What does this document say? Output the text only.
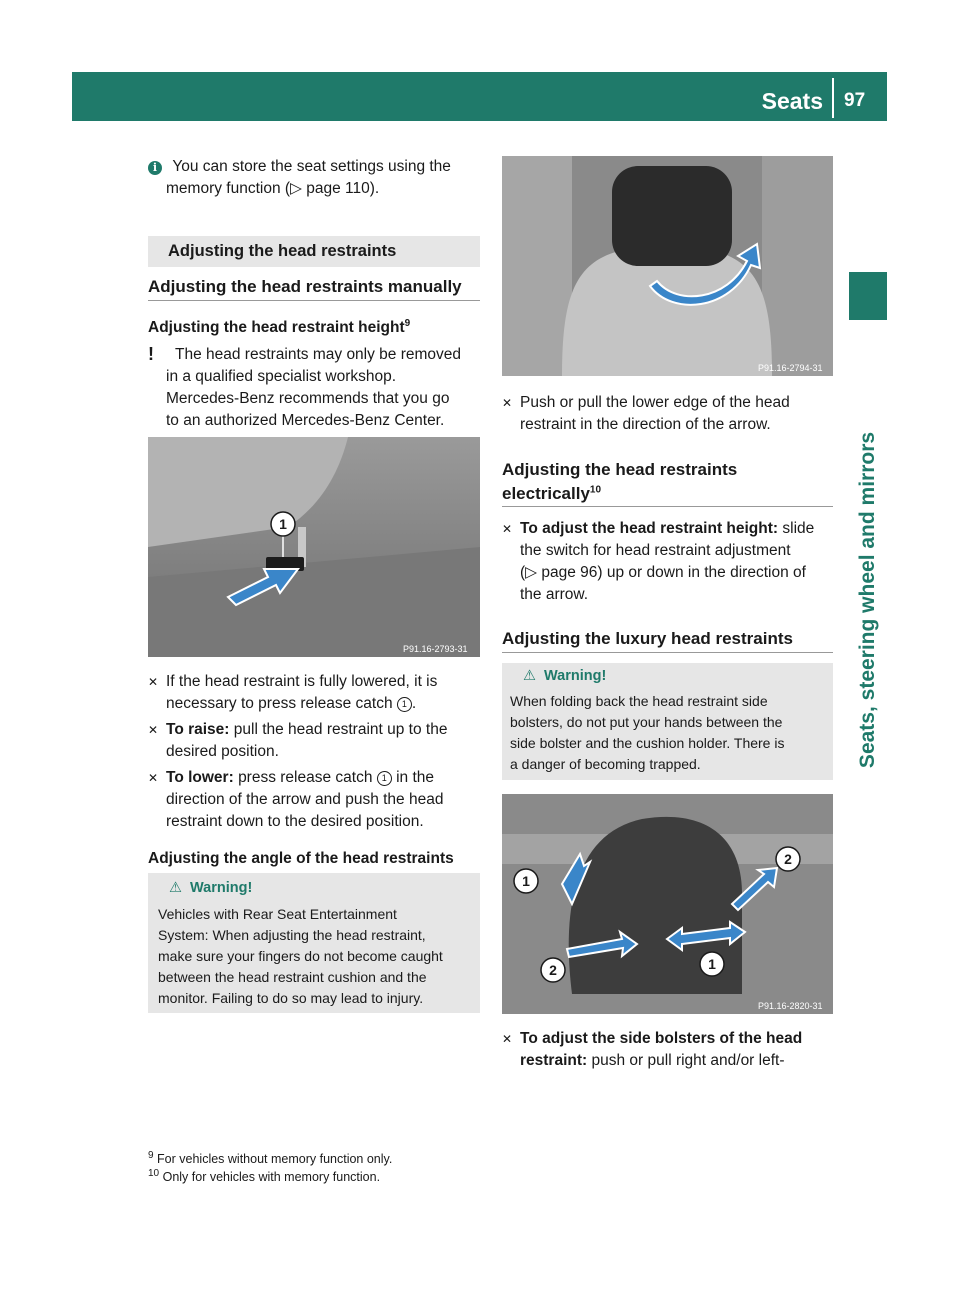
Seats 97
Seats, steering wheel and mirrors
i You can store the seat settings using the
memory function (▷ page 110).
Adjusting the head restraints
Adjusting the head restraints manually
Adjusting the head restraint height$^9$
! The head restraints may only be removed
in a qualified specialist workshop.
Mercedes-Benz recommends that you go
to an authorized Mercedes-Benz Center.
1
P91.16-2793-31
✕ If the head restraint is fully lowered, it is
necessary to press release catch 1 .
✕ To raise: pull the head restraint up to the
desired position.
✕ To lower: press release catch 1 in the
direction of the arrow and push the head
restraint down to the desired position.
Adjusting the angle of the head restraints
⚠ Warning!
Vehicles with Rear Seat Entertainment
System: When adjusting the head restraint,
make sure your fingers do not become caught
between the head restraint cushion and the
monitor. Failing to do so may lead to injury.
$^9$ For vehicles without memory function only.
$^{10}$ Only for vehicles with memory function.
P91.16-2794-31
✕ Push or pull the lower edge of the head
restraint in the direction of the arrow.
Adjusting the head restraints
electrically$^{10}$
✕ To adjust the head restraint height: slide
the switch for head restraint adjustment
(▷ page 96) up or down in the direction of
the arrow.
Adjusting the luxury head restraints
⚠ Warning!
When folding back the head restraint side
bolsters, do not put your hands between the
side bolster and the cushion holder. There is
a danger of becoming trapped.
1
2
2	1
P91.16-2820-31
✕ To adjust the side bolsters of the head
restraint: push or pull right and/or left-
